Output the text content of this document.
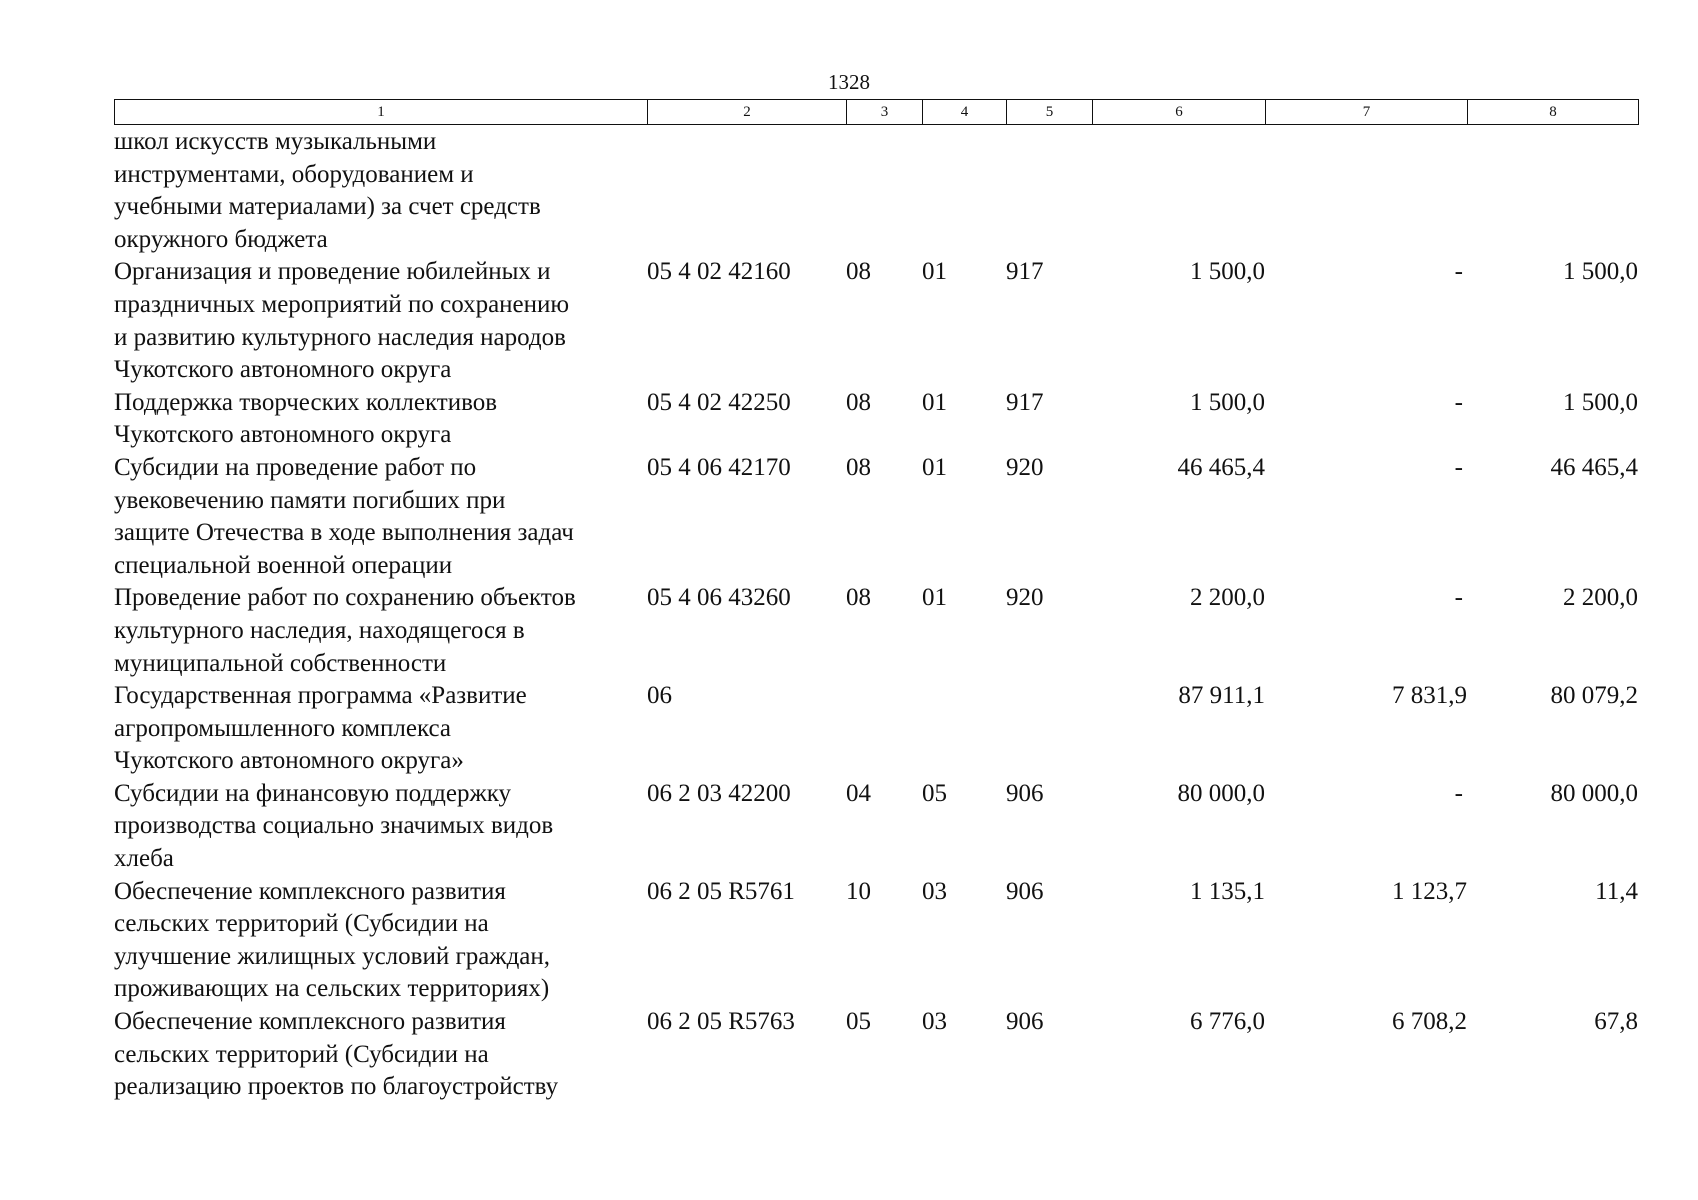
1328
1	2	3	4	5	6	7	8
школ искусств музыкальными
инструментами, оборудованием и
учебными материалами) за счет средств
окружного бюджета							

Организация и проведение юбилейных и
праздничных мероприятий по сохранению
и развитию культурного наследия народов
Чукотского автономного округа	05 4 02 42160	08	01	917	1 500,0	-	1 500,0

Поддержка творческих коллективов
Чукотского автономного округа	05 4 02 42250	08	01	917	1 500,0	-	1 500,0

Субсидии на проведение работ по
увековечению памяти погибших при
защите Отечества в ходе выполнения задач
специальной военной операции	05 4 06 42170	08	01	920	46 465,4	-	46 465,4

Проведение работ по сохранению объектов
культурного наследия, находящегося в
муниципальной собственности	05 4 06 43260	08	01	920	2 200,0	-	2 200,0

Государственная программа «Развитие
агропромышленного комплекса
Чукотского автономного округа»	06				87 911,1	7 831,9	80 079,2

Субсидии на финансовую поддержку
производства социально значимых видов
хлеба	06 2 03 42200	04	05	906	80 000,0	-	80 000,0

Обеспечение комплексного развития
сельских территорий (Субсидии на
улучшение жилищных условий граждан,
проживающих на сельских территориях)	06 2 05 R5761	10	03	906	1 135,1	1 123,7	11,4

Обеспечение комплексного развития
сельских территорий (Субсидии на
реализацию проектов по благоустройству	06 2 05 R5763	05	03	906	6 776,0	6 708,2	67,8
